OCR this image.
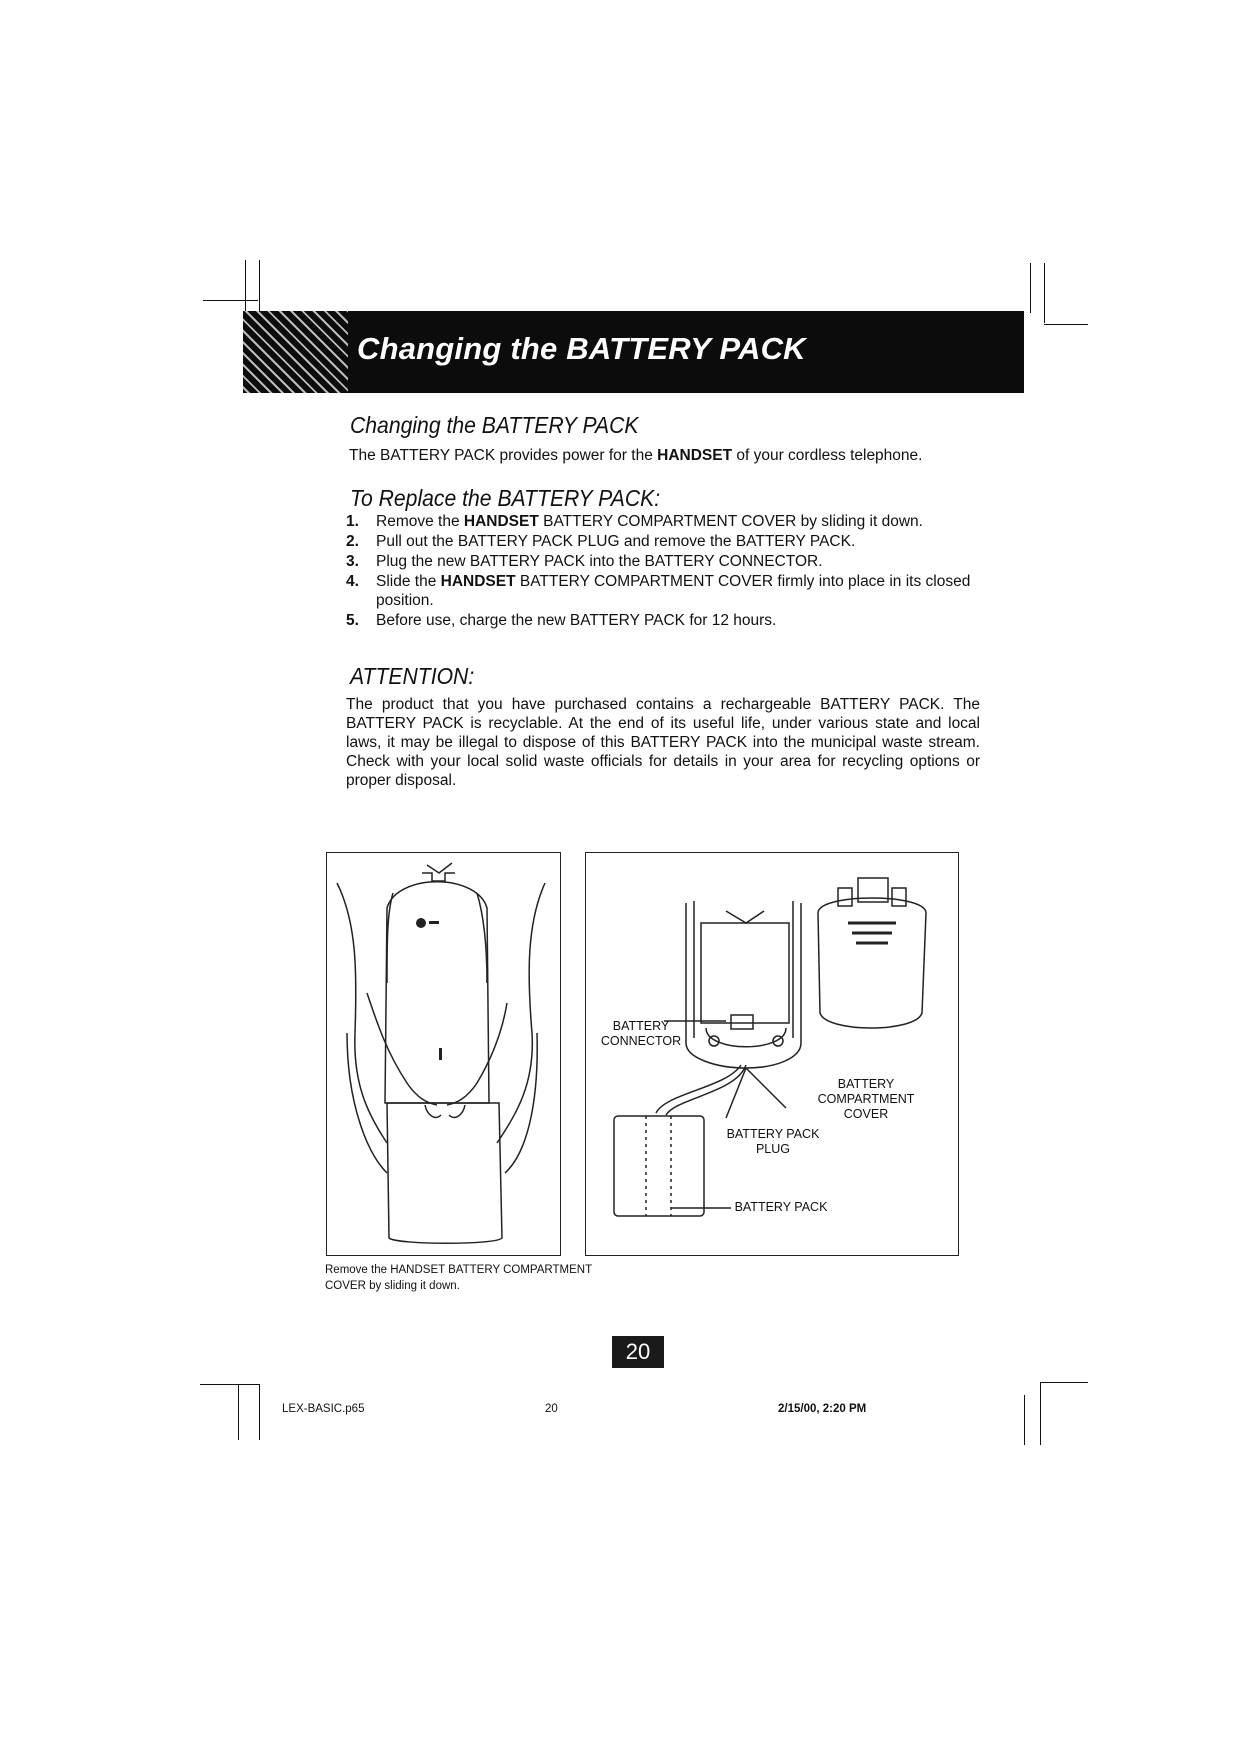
Changing the BATTERY PACK
Changing the BATTERY PACK
The BATTERY PACK provides power for the HANDSET of your cordless telephone.
To Replace the BATTERY PACK:
1. Remove the HANDSET BATTERY COMPARTMENT COVER by sliding it down.
2. Pull out the BATTERY PACK PLUG and remove the BATTERY PACK.
3. Plug the new BATTERY PACK into the BATTERY CONNECTOR.
4. Slide the HANDSET BATTERY COMPARTMENT COVER firmly into place in its closed position.
5. Before use, charge the new BATTERY PACK for 12 hours.
ATTENTION:
The product that you have purchased contains a rechargeable BATTERY PACK. The BATTERY PACK is recyclable. At the end of its useful life, under various state and local laws, it may be illegal to dispose of this BATTERY PACK into the municipal waste stream. Check with your local solid waste officials for details in your area for recycling options or proper disposal.
BATTERY
CONNECTOR
BATTERY COMPARTMENT
COVER
BATTERY PACK
PLUG
BATTERY PACK
Remove the HANDSET BATTERY COMPARTMENT
COVER by sliding it down.
20
LEX-BASIC.p65	20	2/15/00, 2:20 PM
